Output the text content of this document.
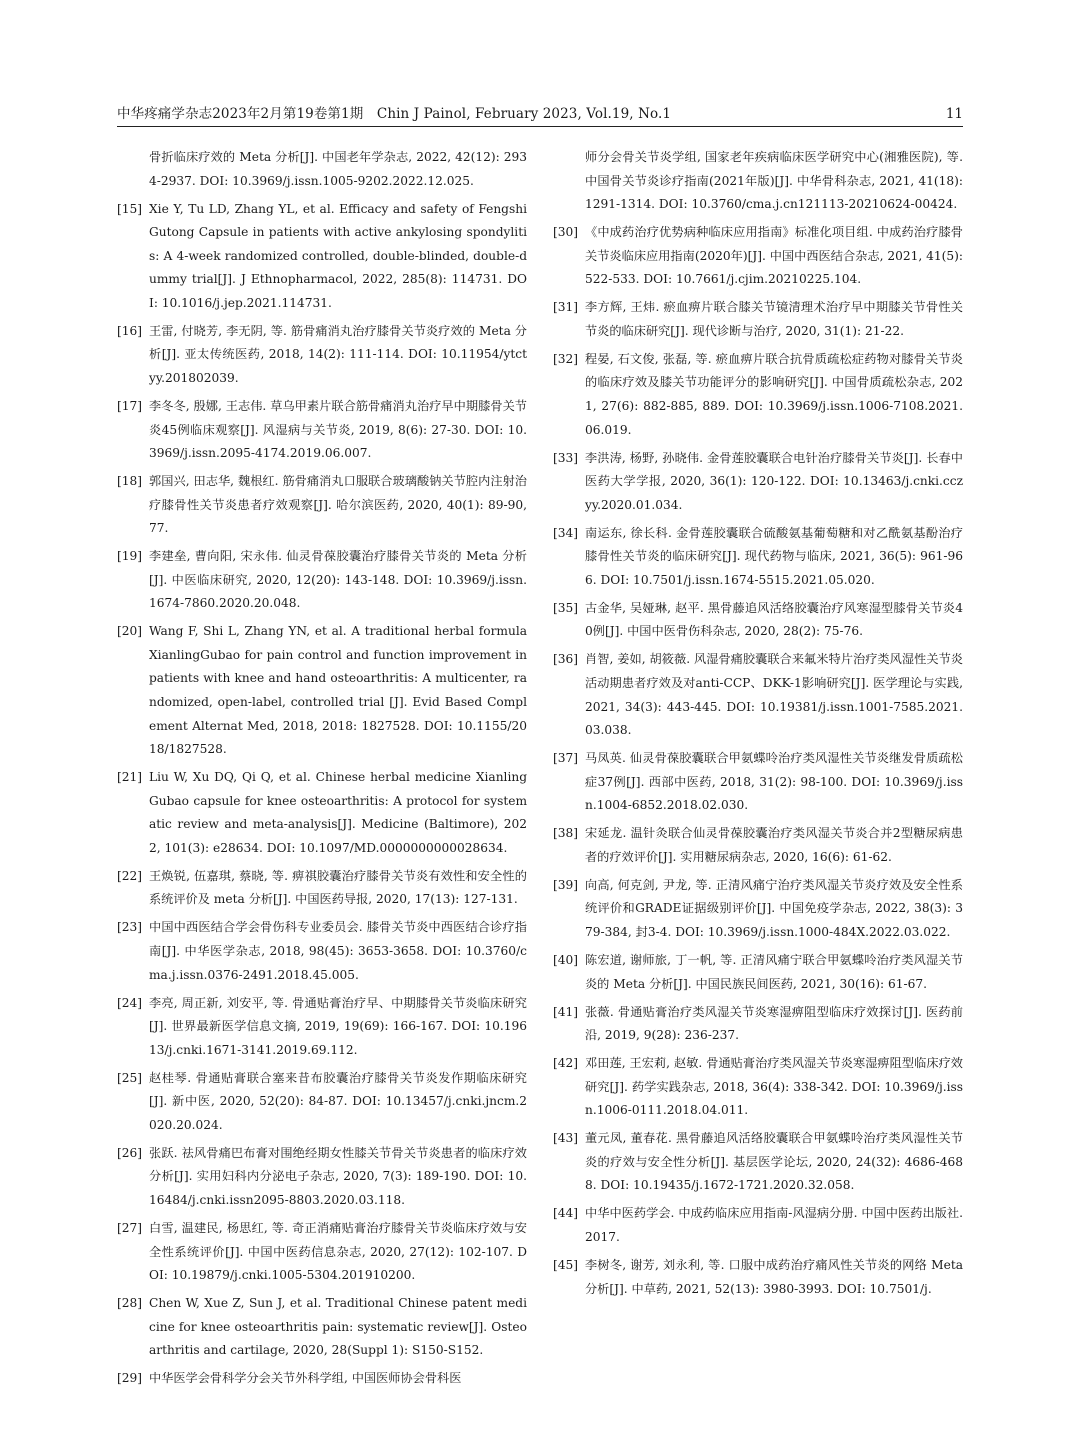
中华疼痛学杂志2023年2月第19卷第1期　Chin J Painol, February 2023, Vol.19, No.1	11
骨折临床疗效的 Meta 分析[J]. 中国老年学杂志, 2022, 42(12): 2934-2937. DOI: 10.3969/j.issn.1005-9202.2022.12.025.
[15] Xie Y, Tu LD, Zhang YL, et al. Efficacy and safety of Fengshi Gutong Capsule in patients with active ankylosing spondylitis: A 4-week randomized controlled, double-blinded, double-dummy trial[J]. J Ethnopharmacol, 2022, 285(8): 114731. DOI: 10.1016/j.jep.2021.114731.
[16] 王雷, 付晓芳, 李无阴, 等. 筋骨痛消丸治疗膝骨关节炎疗效的 Meta 分析[J]. 亚太传统医药, 2018, 14(2): 111-114. DOI: 10.11954/ytctyy.201802039.
[17] 李冬冬, 殷娜, 王志伟. 草乌甲素片联合筋骨痛消丸治疗早中期膝骨关节炎45例临床观察[J]. 风湿病与关节炎, 2019, 8(6): 27-30. DOI: 10.3969/j.issn.2095-4174.2019.06.007.
[18] 郭国兴, 田志华, 魏根红. 筋骨痛消丸口服联合玻璃酸钠关节腔内注射治疗膝骨性关节炎患者疗效观察[J]. 哈尔滨医药, 2020, 40(1): 89-90, 77.
[19] 李建垒, 曹向阳, 宋永伟. 仙灵骨葆胶囊治疗膝骨关节炎的 Meta 分析[J]. 中医临床研究, 2020, 12(20): 143-148. DOI: 10.3969/j.issn.1674-7860.2020.20.048.
[20] Wang F, Shi L, Zhang YN, et al. A traditional herbal formula XianlingGubao for pain control and function improvement in patients with knee and hand osteoarthritis: A multicenter, randomized, open-label, controlled trial [J]. Evid Based Complement Alternat Med, 2018, 2018: 1827528. DOI: 10.1155/2018/1827528.
[21] Liu W, Xu DQ, Qi Q, et al. Chinese herbal medicine Xianling Gubao capsule for knee osteoarthritis: A protocol for systematic review and meta-analysis[J]. Medicine (Baltimore), 2022, 101(3): e28634. DOI: 10.1097/MD.0000000000028634.
[22] 王焕锐, 伍嘉琪, 蔡晓, 等. 痹祺胶囊治疗膝骨关节炎有效性和安全性的系统评价及 meta 分析[J]. 中国医药导报, 2020, 17(13): 127-131.
[23] 中国中西医结合学会骨伤科专业委员会. 膝骨关节炎中西医结合诊疗指南[J]. 中华医学杂志, 2018, 98(45): 3653-3658. DOI: 10.3760/cma.j.issn.0376-2491.2018.45.005.
[24] 李亮, 周正新, 刘安平, 等. 骨通贴膏治疗早、中期膝骨关节炎临床研究[J]. 世界最新医学信息文摘, 2019, 19(69): 166-167. DOI: 10.19613/j.cnki.1671-3141.2019.69.112.
[25] 赵桂琴. 骨通贴膏联合塞来昔布胶囊治疗膝骨关节炎发作期临床研究[J]. 新中医, 2020, 52(20): 84-87. DOI: 10.13457/j.cnki.jncm.2020.20.024.
[26] 张跃. 祛风骨痛巴布膏对围绝经期女性膝关节骨关节炎患者的临床疗效分析[J]. 实用妇科内分泌电子杂志, 2020, 7(3): 189-190. DOI: 10.16484/j.cnki.issn2095-8803.2020.03.118.
[27] 白雪, 温建民, 杨思红, 等. 奇正消痛贴膏治疗膝骨关节炎临床疗效与安全性系统评价[J]. 中国中医药信息杂志, 2020, 27(12): 102-107. DOI: 10.19879/j.cnki.1005-5304.201910200.
[28] Chen W, Xue Z, Sun J, et al. Traditional Chinese patent medicine for knee osteoarthritis pain: systematic review[J]. Osteoarthritis and cartilage, 2020, 28(Suppl 1): S150-S152.
[29] 中华医学会骨科学分会关节外科学组, 中国医师协会骨科医
师分会骨关节炎学组, 国家老年疾病临床医学研究中心(湘雅医院), 等. 中国骨关节炎诊疗指南(2021年版)[J]. 中华骨科杂志, 2021, 41(18): 1291-1314. DOI: 10.3760/cma.j.cn121113-20210624-00424.
[30] 《中成药治疗优势病种临床应用指南》标准化项目组. 中成药治疗膝骨关节炎临床应用指南(2020年)[J]. 中国中西医结合杂志, 2021, 41(5): 522-533. DOI: 10.7661/j.cjim.20210225.104.
[31] 李方辉, 王炜. 瘀血痹片联合膝关节镜清理术治疗早中期膝关节骨性关节炎的临床研究[J]. 现代诊断与治疗, 2020, 31(1): 21-22.
[32] 程晏, 石文俊, 张磊, 等. 瘀血痹片联合抗骨质疏松症药物对膝骨关节炎的临床疗效及膝关节功能评分的影响研究[J]. 中国骨质疏松杂志, 2021, 27(6): 882-885, 889. DOI: 10.3969/j.issn.1006-7108.2021.06.019.
[33] 李洪涛, 杨野, 孙晓伟. 金骨莲胶囊联合电针治疗膝骨关节炎[J]. 长春中医药大学学报, 2020, 36(1): 120-122. DOI: 10.13463/j.cnki.cczyy.2020.01.034.
[34] 南运东, 徐长科. 金骨莲胶囊联合硫酸氨基葡萄糖和对乙酰氨基酚治疗膝骨性关节炎的临床研究[J]. 现代药物与临床, 2021, 36(5): 961-966. DOI: 10.7501/j.issn.1674-5515.2021.05.020.
[35] 古金华, 吴娅琳, 赵平. 黑骨藤追风活络胶囊治疗风寒湿型膝骨关节炎40例[J]. 中国中医骨伤科杂志, 2020, 28(2): 75-76.
[36] 肖智, 姜如, 胡筱薇. 风湿骨痛胶囊联合来氟米特片治疗类风湿性关节炎活动期患者疗效及对anti-CCP、DKK-1影响研究[J]. 医学理论与实践, 2021, 34(3): 443-445. DOI: 10.19381/j.issn.1001-7585.2021.03.038.
[37] 马凤英. 仙灵骨葆胶囊联合甲氨蝶呤治疗类风湿性关节炎继发骨质疏松症37例[J]. 西部中医药, 2018, 31(2): 98-100. DOI: 10.3969/j.issn.1004-6852.2018.02.030.
[38] 宋延龙. 温针灸联合仙灵骨葆胶囊治疗类风湿关节炎合并2型糖尿病患者的疗效评价[J]. 实用糖尿病杂志, 2020, 16(6): 61-62.
[39] 向高, 何克剑, 尹龙, 等. 正清风痛宁治疗类风湿关节炎疗效及安全性系统评价和GRADE证据级别评价[J]. 中国免疫学杂志, 2022, 38(3): 379-384, 封3-4. DOI: 10.3969/j.issn.1000-484X.2022.03.022.
[40] 陈宏道, 谢师旅, 丁一帆, 等. 正清风痛宁联合甲氨蝶呤治疗类风湿关节炎的 Meta 分析[J]. 中国民族民间医药, 2021, 30(16): 61-67.
[41] 张薇. 骨通贴膏治疗类风湿关节炎寒湿痹阻型临床疗效探讨[J]. 医药前沿, 2019, 9(28): 236-237.
[42] 邓田莲, 王宏莉, 赵敏. 骨通贴膏治疗类风湿关节炎寒湿痹阻型临床疗效研究[J]. 药学实践杂志, 2018, 36(4): 338-342. DOI: 10.3969/j.issn.1006-0111.2018.04.011.
[43] 董元凤, 董春花. 黑骨藤追风活络胶囊联合甲氨蝶呤治疗类风湿性关节炎的疗效与安全性分析[J]. 基层医学论坛, 2020, 24(32): 4686-4688. DOI: 10.19435/j.1672-1721.2020.32.058.
[44] 中华中医药学会. 中成药临床应用指南-风湿病分册. 中国中医药出版社. 2017.
[45] 李树冬, 谢芳, 刘永利, 等. 口服中成药治疗痛风性关节炎的网络 Meta 分析[J]. 中草药, 2021, 52(13): 3980-3993. DOI: 10.7501/j.
